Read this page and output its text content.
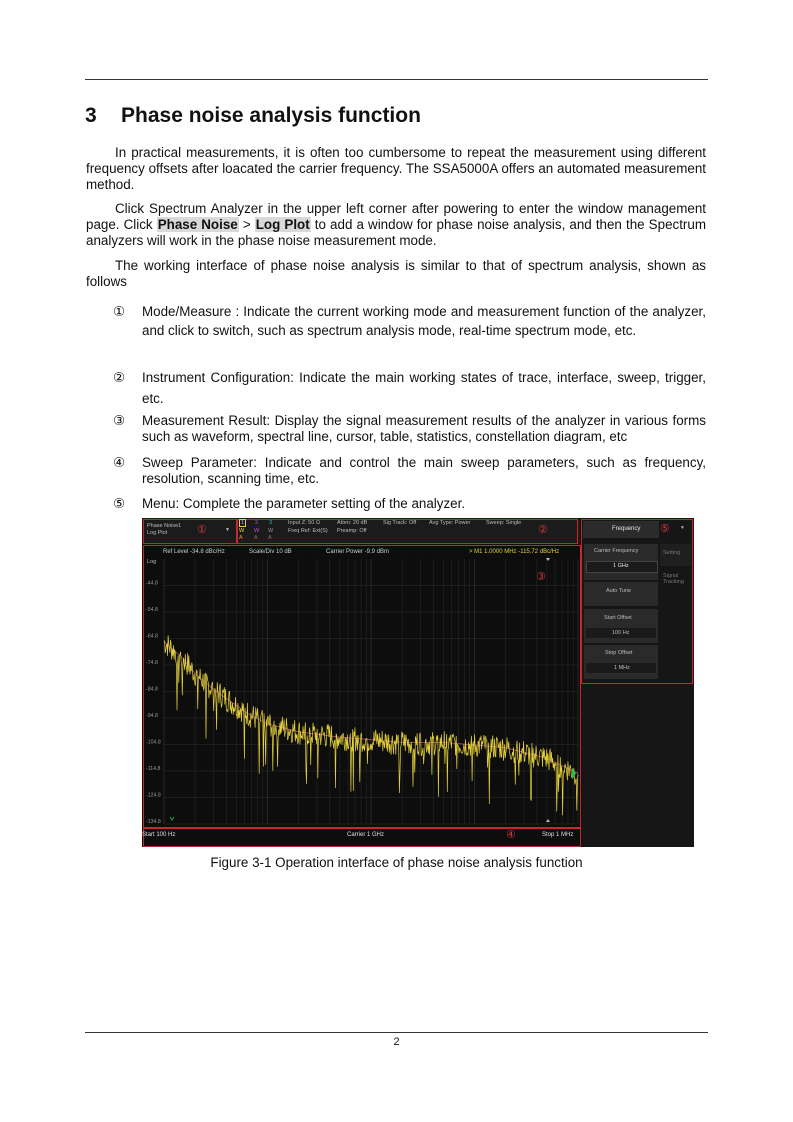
3 Phase noise analysis function
In practical measurements, it is often too cumbersome to repeat the measurement using different frequency offsets after loacated the carrier frequency. The SSA5000A offers an automated measurement method.
Click Spectrum Analyzer in the upper left corner after powering to enter the window management page. Click Phase Noise > Log Plot to add a window for phase noise analysis, and then the Spectrum analyzers will work in the phase noise measurement mode.
The working interface of phase noise analysis is similar to that of spectrum analysis, shown as follows
①	Mode/Measure : Indicate the current working mode and measurement function of the analyzer, and click to switch, such as spectrum analysis mode, real-time spectrum mode, etc.
②	Instrument Configuration: Indicate the main working states of trace, interface, sweep, trigger, etc.
③	Measurement Result: Display the signal measurement results of the analyzer in various forms such as waveform, spectral line, cursor, table, statistics, constellation diagram, etc
④	Sweep Parameter: Indicate and control the main sweep parameters, such as frequency, resolution, scanning time, etc.
⑤	Menu: Complete the parameter setting of the analyzer.
Phase Noise1
Log Plot	①	▼
1	2 3
W W W
A A A
Input Z: 50 Ω	Atten: 20 dB	Sig Track: Off Avg Type: Power	Sweep: Single
Freq Ref: Ext(S) Preamp: Off	②	Frequency ⑤ ▾
Carrier Frequency
1 GHz
Auto Tune
Start Offset
100 Hz
Stop Offset
1 MHz
Setting
Signal
Tracking
Ref Level -34.8 dBc/Hz	Scale/Div 10 dB	Carrier Power -9.9 dBm	> M1 1.0000 MHz -115.72 dBc/Hz
Log
③
-44.8
-54.8
-64.8
-74.8
-84.8
-94.8
-104.8
-114.8
-124.8
-134.8
Start 100 Hz	Carrier 1 GHz	④	Stop 1 MHz
Figure 3-1 Operation interface of phase noise analysis function
2
